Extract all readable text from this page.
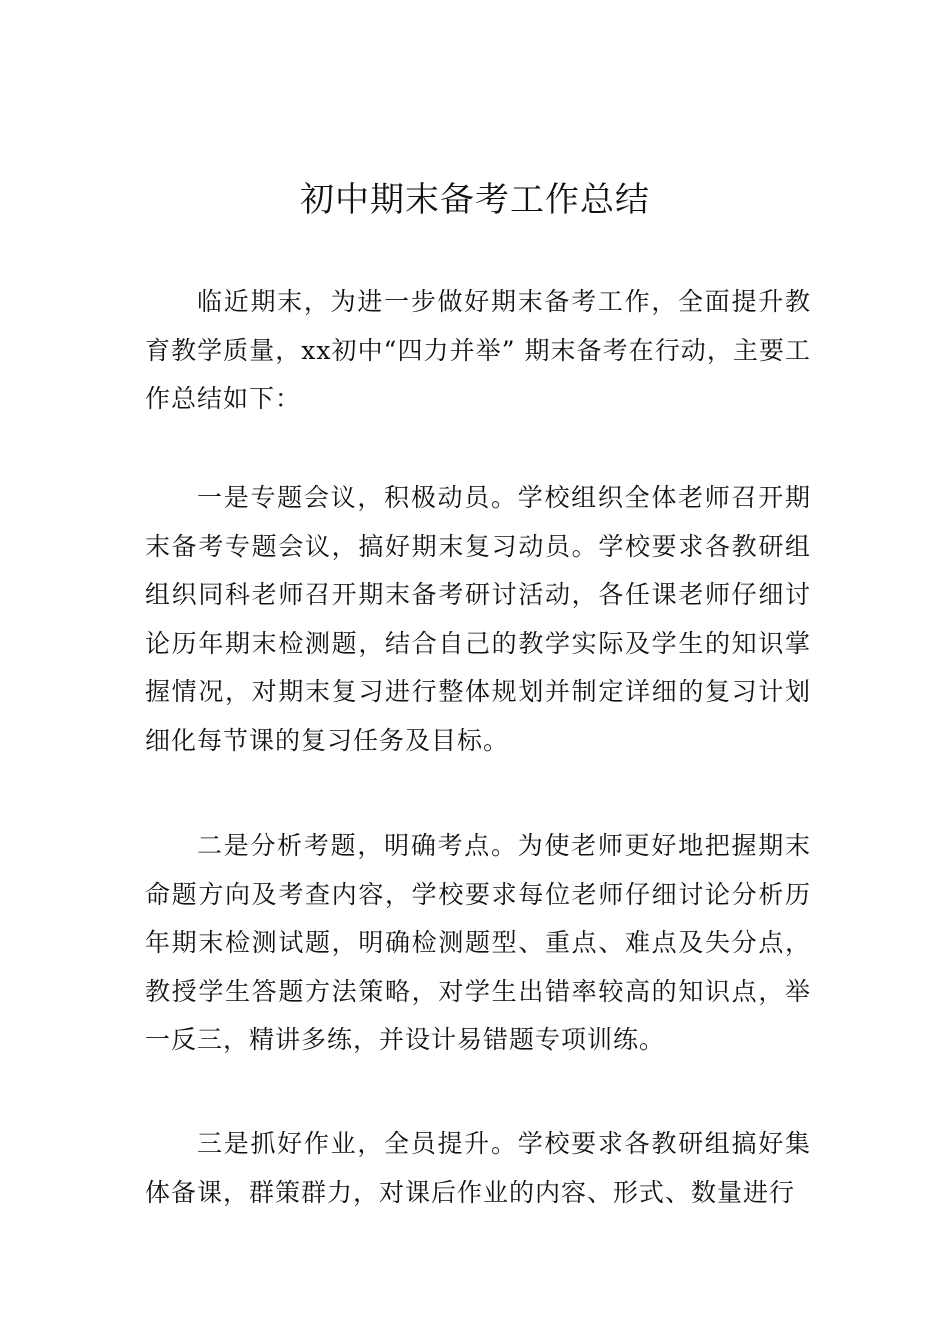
初中期末备考工作总结

临近期末，为进一步做好期末备考工作，全面提升教育教学质量，xx初中“四力并举” 期末备考在行动，主要工作总结如下：

一是专题会议，积极动员。学校组织全体老师召开期末备考专题会议，搞好期末复习动员。学校要求各教研组组织同科老师召开期末备考研讨活动，各任课老师仔细讨论历年期末检测题，结合自己的教学实际及学生的知识掌握情况，对期末复习进行整体规划并制定详细的复习计划细化每节课的复习任务及目标。

二是分析考题，明确考点。为使老师更好地把握期末命题方向及考查内容，学校要求每位老师仔细讨论分析历年期末检测试题，明确检测题型、重点、难点及失分点，教授学生答题方法策略，对学生出错率较高的知识点，举一反三，精讲多练，并设计易错题专项训练。

三是抓好作业，全员提升。学校要求各教研组搞好集体备课，群策群力，对课后作业的内容、形式、数量进行
